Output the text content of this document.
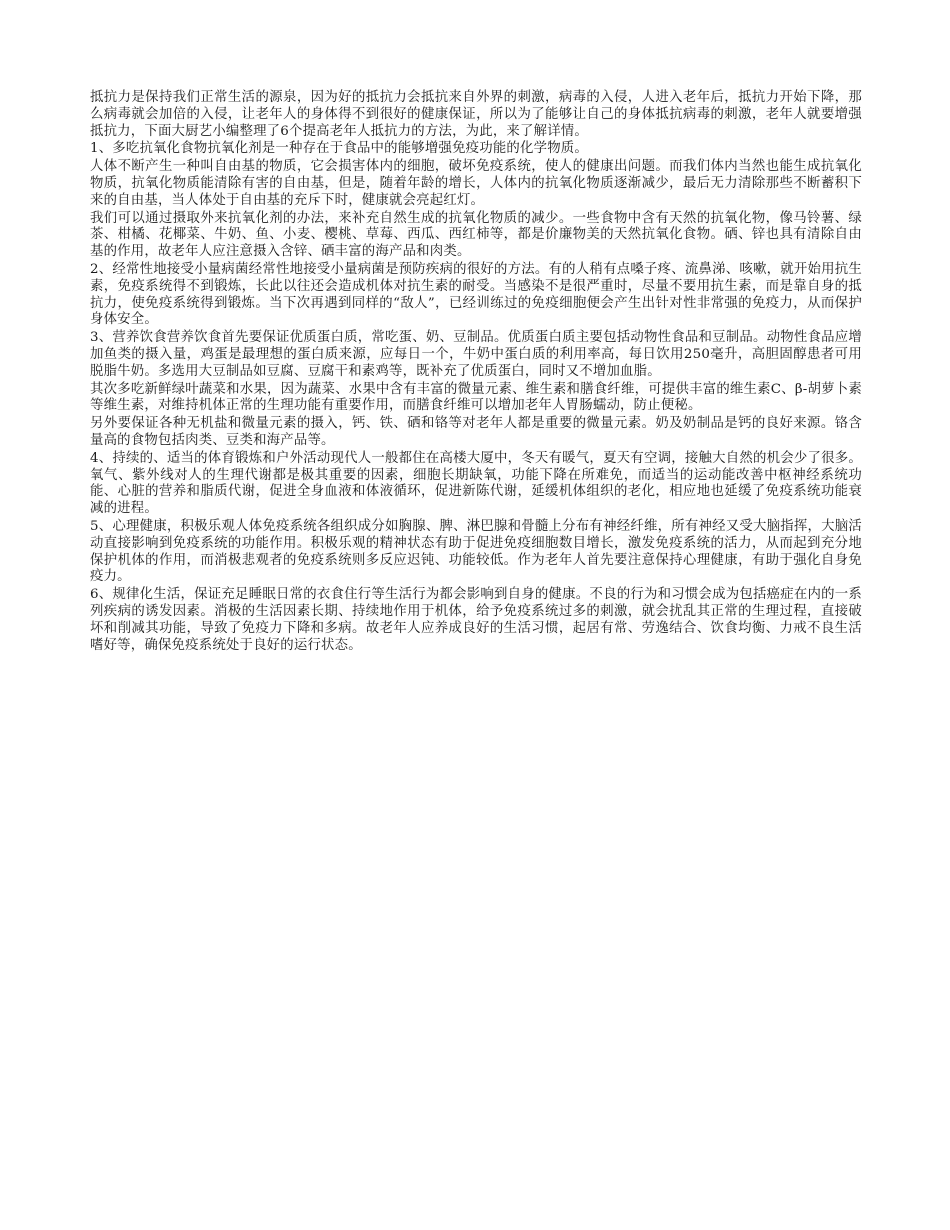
抵抗力是保持我们正常生活的源泉，因为好的抵抗力会抵抗来自外界的刺激，病毒的入侵，人进入老年后，抵抗力开始下降，那么病毒就会加倍的入侵，让老年人的身体得不到很好的健康保证，所以为了能够让自己的身体抵抗病毒的刺激，老年人就要增强抵抗力，下面大厨艺小编整理了6个提高老年人抵抗力的方法，为此，来了解详情。

1、多吃抗氧化食物抗氧化剂是一种存在于食品中的能够增强免疫功能的化学物质。

人体不断产生一种叫自由基的物质，它会损害体内的细胞，破坏免疫系统，使人的健康出问题。而我们体内当然也能生成抗氧化物质，抗氧化物质能清除有害的自由基，但是，随着年龄的增长，人体内的抗氧化物质逐渐减少，最后无力清除那些不断蓄积下来的自由基，当人体处于自由基的充斥下时，健康就会亮起红灯。

我们可以通过摄取外来抗氧化剂的办法，来补充自然生成的抗氧化物质的减少。一些食物中含有天然的抗氧化物，像马铃薯、绿茶、柑橘、花椰菜、牛奶、鱼、小麦、樱桃、草莓、西瓜、西红柿等，都是价廉物美的天然抗氧化食物。硒、锌也具有清除自由基的作用，故老年人应注意摄入含锌、硒丰富的海产品和肉类。

2、经常性地接受小量病菌经常性地接受小量病菌是预防疾病的很好的方法。有的人稍有点嗓子疼、流鼻涕、咳嗽，就开始用抗生素，免疫系统得不到锻炼，长此以往还会造成机体对抗生素的耐受。当感染不是很严重时，尽量不要用抗生素，而是靠自身的抵抗力，使免疫系统得到锻炼。当下次再遇到同样的“敌人”，已经训练过的免疫细胞便会产生出针对性非常强的免疫力，从而保护身体安全。

3、营养饮食营养饮食首先要保证优质蛋白质，常吃蛋、奶、豆制品。优质蛋白质主要包括动物性食品和豆制品。动物性食品应增加鱼类的摄入量，鸡蛋是最理想的蛋白质来源，应每日一个，牛奶中蛋白质的利用率高，每日饮用250毫升，高胆固醇患者可用脱脂牛奶。多选用大豆制品如豆腐、豆腐干和素鸡等，既补充了优质蛋白，同时又不增加血脂。

其次多吃新鲜绿叶蔬菜和水果，因为蔬菜、水果中含有丰富的微量元素、维生素和膳食纤维，可提供丰富的维生素C、β-胡萝卜素等维生素，对维持机体正常的生理功能有重要作用，而膳食纤维可以增加老年人胃肠蠕动，防止便秘。

另外要保证各种无机盐和微量元素的摄入，钙、铁、硒和铬等对老年人都是重要的微量元素。奶及奶制品是钙的良好来源。铬含量高的食物包括肉类、豆类和海产品等。

4、持续的、适当的体育锻炼和户外活动现代人一般都住在高楼大厦中，冬天有暖气，夏天有空调，接触大自然的机会少了很多。氧气、紫外线对人的生理代谢都是极其重要的因素，细胞长期缺氧，功能下降在所难免，而适当的运动能改善中枢神经系统功能、心脏的营养和脂质代谢，促进全身血液和体液循环，促进新陈代谢，延缓机体组织的老化，相应地也延缓了免疫系统功能衰减的进程。

5、心理健康，积极乐观人体免疫系统各组织成分如胸腺、脾、淋巴腺和骨髓上分布有神经纤维，所有神经又受大脑指挥，大脑活动直接影响到免疫系统的功能作用。积极乐观的精神状态有助于促进免疫细胞数目增长，激发免疫系统的活力，从而起到充分地保护机体的作用，而消极悲观者的免疫系统则多反应迟钝、功能较低。作为老年人首先要注意保持心理健康，有助于强化自身免疫力。

6、规律化生活，保证充足睡眠日常的衣食住行等生活行为都会影响到自身的健康。不良的行为和习惯会成为包括癌症在内的一系列疾病的诱发因素。消极的生活因素长期、持续地作用于机体，给予免疫系统过多的刺激，就会扰乱其正常的生理过程，直接破坏和削减其功能，导致了免疫力下降和多病。故老年人应养成良好的生活习惯，起居有常、劳逸结合、饮食均衡、力戒不良生活嗜好等，确保免疫系统处于良好的运行状态。
